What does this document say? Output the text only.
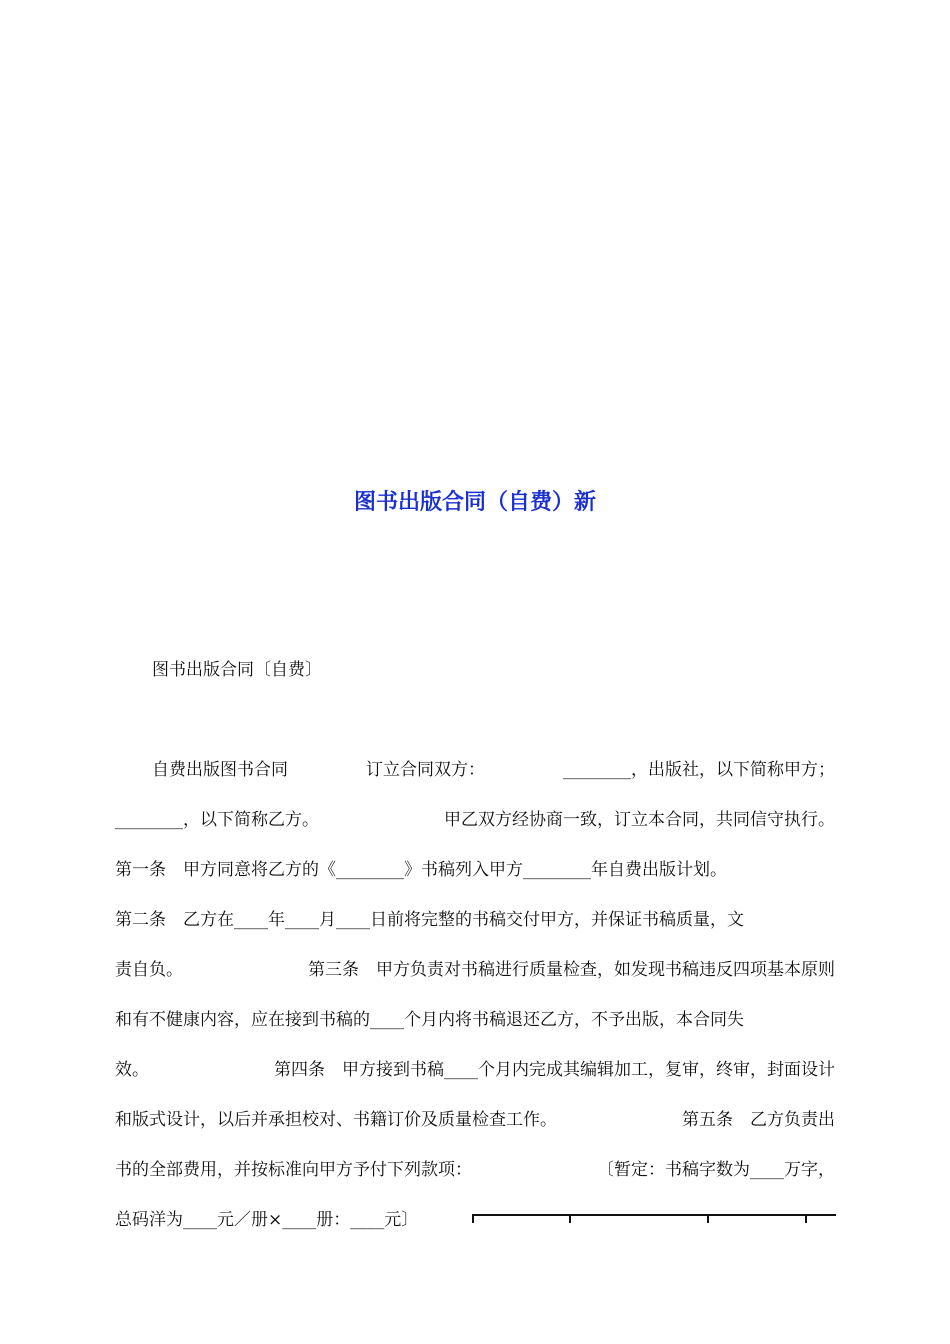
图书出版合同（自费）新

图书出版合同〔自费〕

自费出版图书合同	订立合同双方：	________，出版社，以下简称甲方；

________，以下简称乙方。	甲乙双方经协商一致，订立本合同，共同信守执行。

第一条　甲方同意将乙方的《________》书稿列入甲方________年自费出版计划。

第二条　乙方在____年____月____日前将完整的书稿交付甲方，并保证书稿质量，文

责自负。	第三条　甲方负责对书稿进行质量检查，如发现书稿违反四项基本原则

和有不健康内容，应在接到书稿的____个月内将书稿退还乙方，不予出版，本合同失

效。	第四条　甲方接到书稿____个月内完成其编辑加工，复审，终审，封面设计

和版式设计，以后并承担校对、书籍订价及质量检查工作。	第五条　乙方负责出

书的全部费用，并按标准向甲方予付下列款项：	〔暂定：书稿字数为____万字，

总码洋为____元／册×____册：____元〕
